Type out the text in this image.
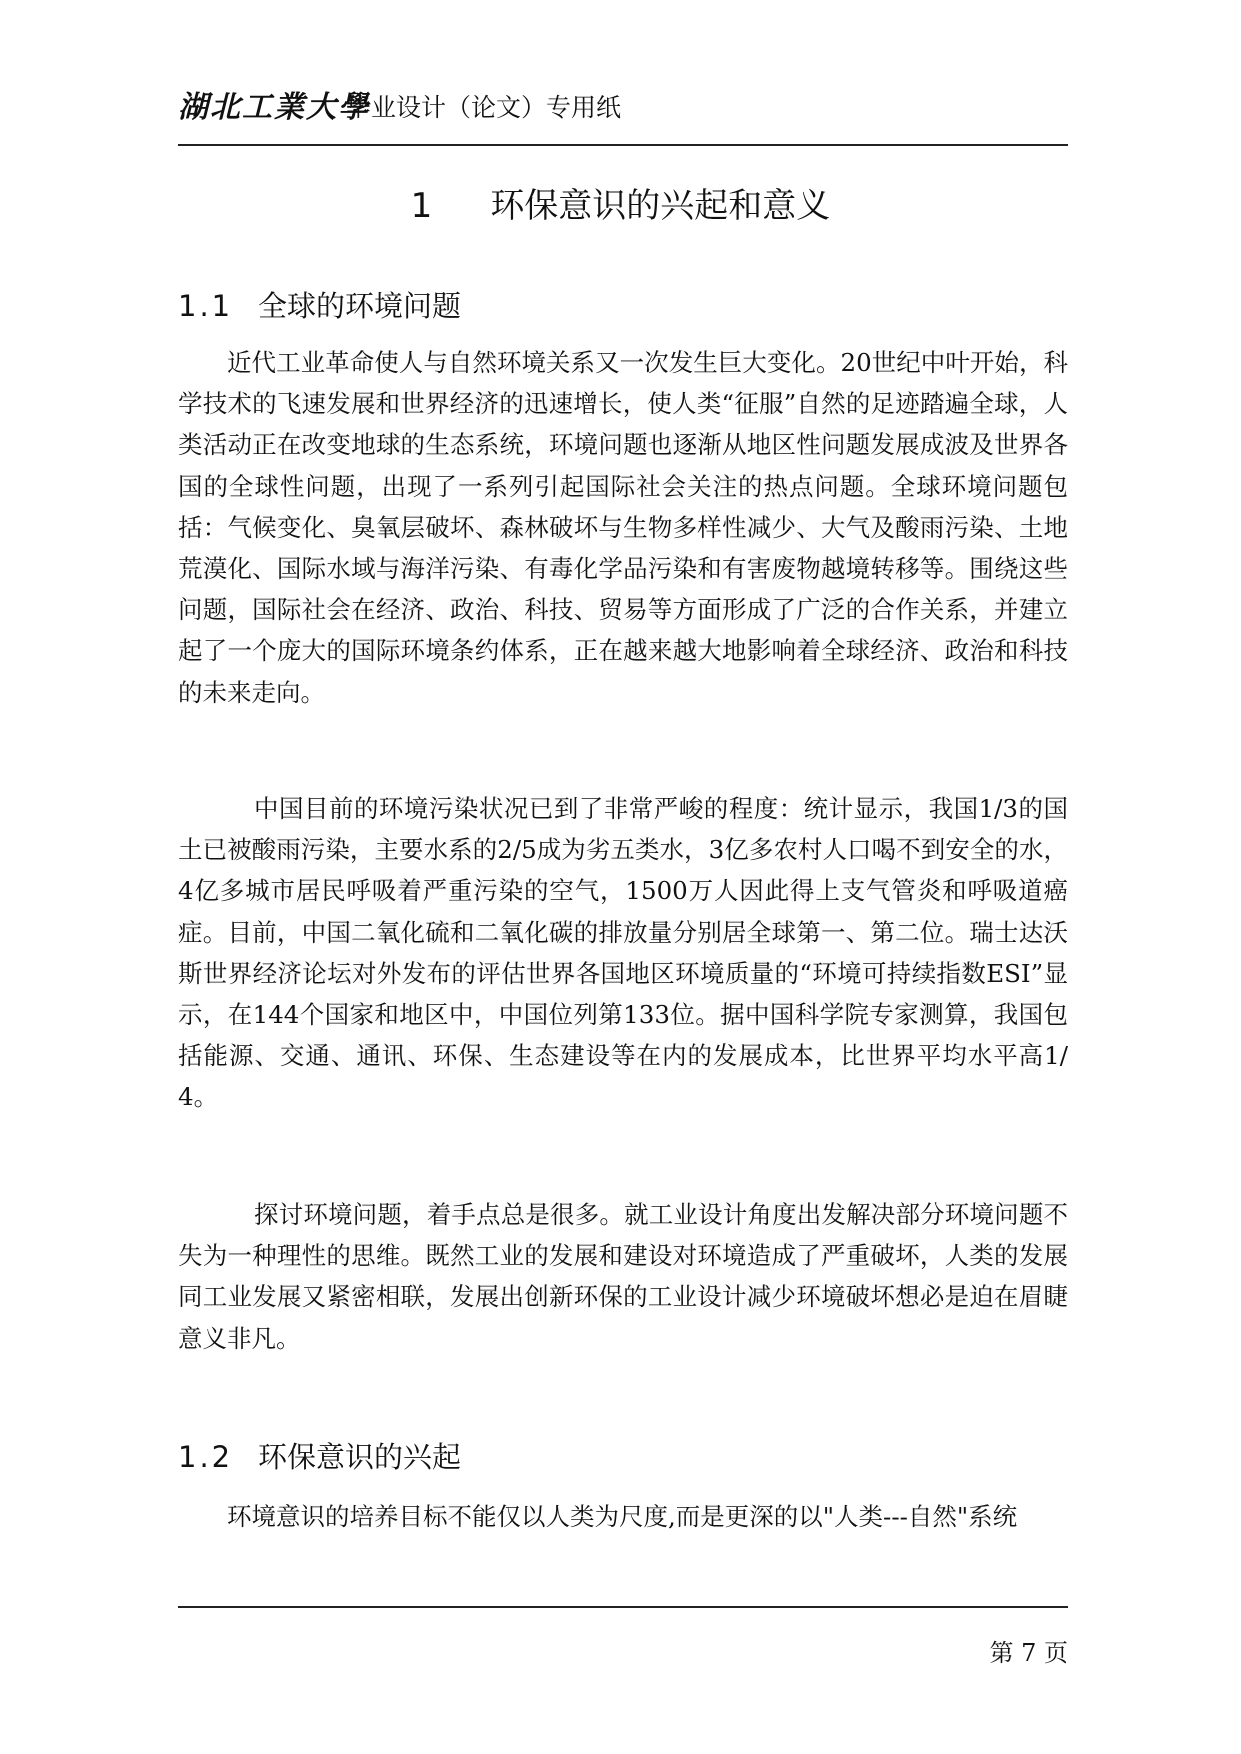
湖北工業大學
毕业设计（论文）专用纸
1 环保意识的兴起和意义
1.1 全球的环境问题

近代工业革命使人与自然环境关系又一次发生巨大变化。20世纪中叶开始，科学技术的飞速发展和世界经济的迅速增长，使人类“征服”自然的足迹踏遍全球，人类活动正在改变地球的生态系统，环境问题也逐渐从地区性问题发展成波及世界各国的全球性问题，出现了一系列引起国际社会关注的热点问题。全球环境问题包括：气候变化、臭氧层破坏、森林破坏与生物多样性减少、大气及酸雨污染、土地荒漠化、国际水域与海洋污染、有毒化学品污染和有害废物越境转移等。围绕这些问题，国际社会在经济、政治、科技、贸易等方面形成了广泛的合作关系，并建立起了一个庞大的国际环境条约体系，正在越来越大地影响着全球经济、政治和科技的未来走向。

中国目前的环境污染状况已到了非常严峻的程度：统计显示，我国1/3的国土已被酸雨污染，主要水系的2/5成为劣五类水，3亿多农村人口喝不到安全的水，4亿多城市居民呼吸着严重污染的空气，1500万人因此得上支气管炎和呼吸道癌症。目前，中国二氧化硫和二氧化碳的排放量分别居全球第一、第二位。瑞士达沃斯世界经济论坛对外发布的评估世界各国地区环境质量的“环境可持续指数ESI”显示，在144个国家和地区中，中国位列第133位。据中国科学院专家测算，我国包括能源、交通、通讯、环保、生态建设等在内的发展成本，比世界平均水平高1/4。

探讨环境问题，着手点总是很多。就工业设计角度出发解决部分环境问题不失为一种理性的思维。既然工业的发展和建设对环境造成了严重破坏，人类的发展同工业发展又紧密相联，发展出创新环保的工业设计减少环境破坏想必是迫在眉睫意义非凡。

1.2 环保意识的兴起

环境意识的培养目标不能仅以人类为尺度,而是更深的以"人类---自然"系统

第 7 页
